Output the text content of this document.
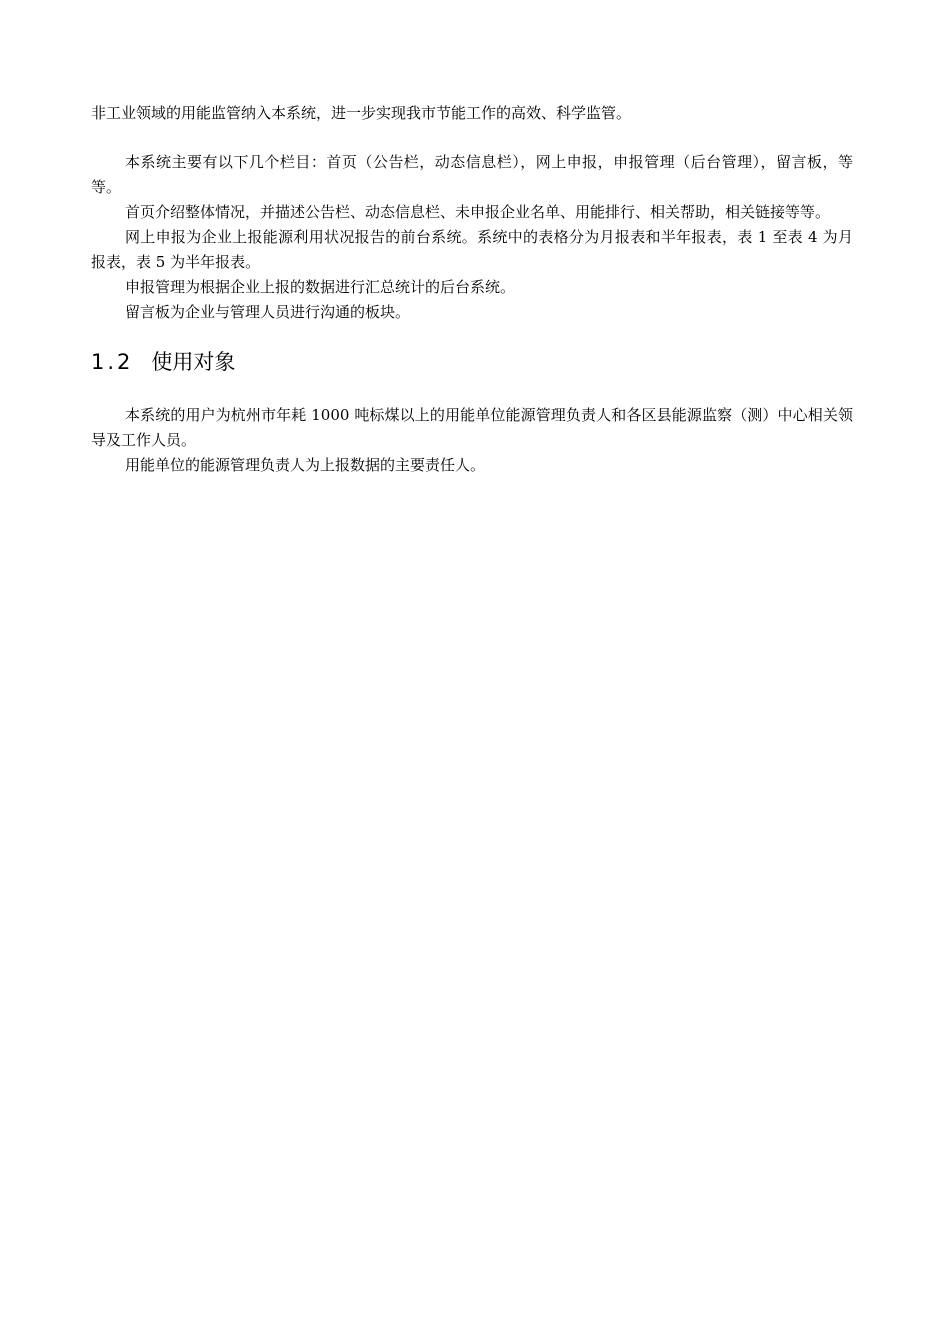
非工业领域的用能监管纳入本系统，进一步实现我市节能工作的高效、科学监管。

本系统主要有以下几个栏目：首页（公告栏，动态信息栏），网上申报，申报管理（后台管理），留言板，等等。

首页介绍整体情况，并描述公告栏、动态信息栏、未申报企业名单、用能排行、相关帮助，相关链接等等。

网上申报为企业上报能源利用状况报告的前台系统。系统中的表格分为月报表和半年报表，表 1 至表 4 为月报表，表 5 为半年报表。

申报管理为根据企业上报的数据进行汇总统计的后台系统。

留言板为企业与管理人员进行沟通的板块。

1.2 使用对象

本系统的用户为杭州市年耗 1000 吨标煤以上的用能单位能源管理负责人和各区县能源监察（测）中心相关领导及工作人员。

用能单位的能源管理负责人为上报数据的主要责任人。
